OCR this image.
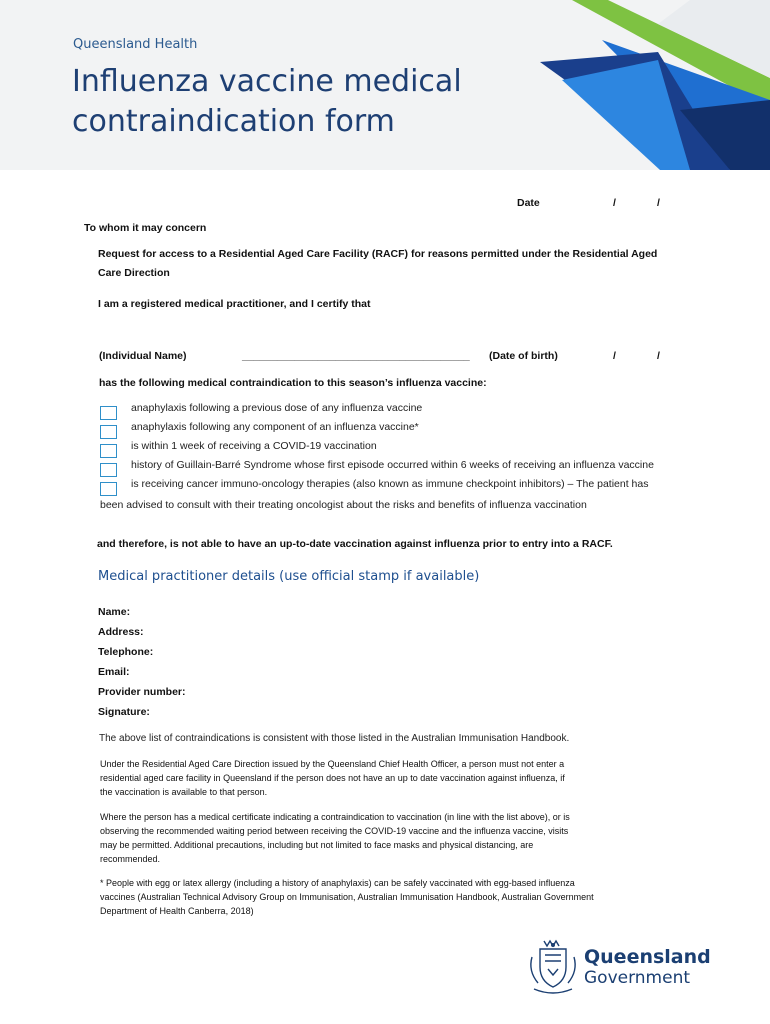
Queensland Health
Influenza vaccine medical
contraindication form
Date	/	/
To whom it may concern
Request for access to a Residential Aged Care Facility (RACF) for reasons permitted under the Residential Aged
Care Direction
I am a registered medical practitioner, and I certify that
(Individual Name)	_______________________________________ (Date of birth)	/	/
has the following medical contraindication to this season’s influenza vaccine:
anaphylaxis following a previous dose of any influenza vaccine
anaphylaxis following any component of an influenza vaccine*
is within 1 week of receiving a COVID-19 vaccination
history of Guillain-Barré Syndrome whose first episode occurred within 6 weeks of receiving an influenza vaccine
is receiving cancer immuno-oncology therapies (also known as immune checkpoint inhibitors) – The patient has
been advised to consult with their treating oncologist about the risks and benefits of influenza vaccination
and therefore, is not able to have an up-to-date vaccination against influenza prior to entry into a RACF.
Medical practitioner details (use official stamp if available)
Name:
Address:
Telephone:
Email:
Provider number:
Signature:
The above list of contraindications is consistent with those listed in the Australian Immunisation Handbook.
Under the Residential Aged Care Direction issued by the Queensland Chief Health Officer, a person must not enter a
residential aged care facility in Queensland if the person does not have an up to date vaccination against influenza, if
the vaccination is available to that person.
Where the person has a medical certificate indicating a contraindication to vaccination (in line with the list above), or is
observing the recommended waiting period between receiving the COVID-19 vaccine and the influenza vaccine, visits
may be permitted. Additional precautions, including but not limited to face masks and physical distancing, are
recommended.
* People with egg or latex allergy (including a history of anaphylaxis) can be safely vaccinated with egg-based influenza
vaccines (Australian Technical Advisory Group on Immunisation, Australian Immunisation Handbook, Australian Government
Department of Health Canberra, 2018)
Queensland
Government
